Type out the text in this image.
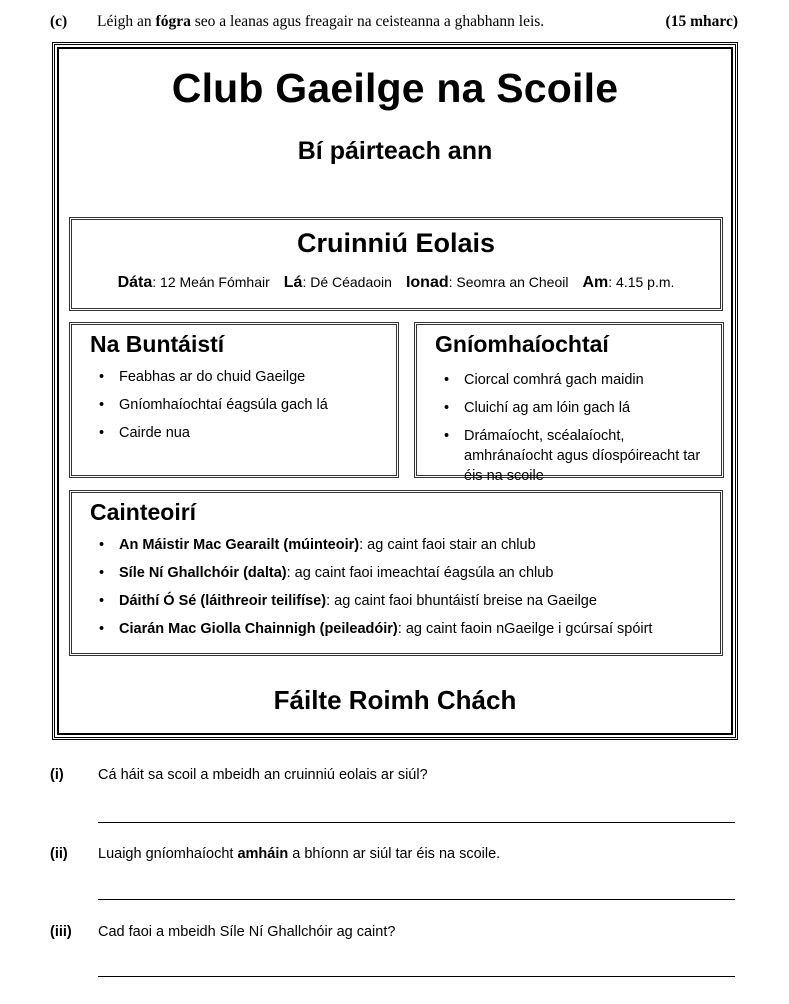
(c) Léigh an fógra seo a leanas agus freagair na ceisteanna a ghabhann leis.	(15 mharc)
Club Gaeilge na Scoile
Bí páirteach ann
Cruinniú Eolais
Dáta: 12 Meán Fómhair Lá: Dé Céadaoin Ionad: Seomra an Cheoil Am: 4.15 p.m.
Na Buntáistí
• Feabhas ar do chuid Gaeilge
• Gníomhaíochtaí éagsúla gach lá
• Cairde nua
Gníomhaíochtaí
• Ciorcal comhrá gach maidin
• Cluichí ag am lóin gach lá
• Drámaíocht, scéalaíocht, amhránaíocht agus díospóireacht tar éis na scoile
Cainteoirí
• An Máistir Mac Gearailt (múinteoir): ag caint faoi stair an chlub
• Síle Ní Ghallchóir (dalta): ag caint faoi imeachtaí éagsúla an chlub
• Dáithí Ó Sé (láithreoir teilifíse): ag caint faoi bhuntáistí breise na Gaeilge
• Ciarán Mac Giolla Chainnigh (peileadóir): ag caint faoin nGaeilge i gcúrsaí spóirt
Fáilte Roimh Chách
(i) Cá háit sa scoil a mbeidh an cruinniú eolais ar siúl?
(ii) Luaigh gníomhaíocht amháin a bhíonn ar siúl tar éis na scoile.
(iii) Cad faoi a mbeidh Síle Ní Ghallchóir ag caint?
